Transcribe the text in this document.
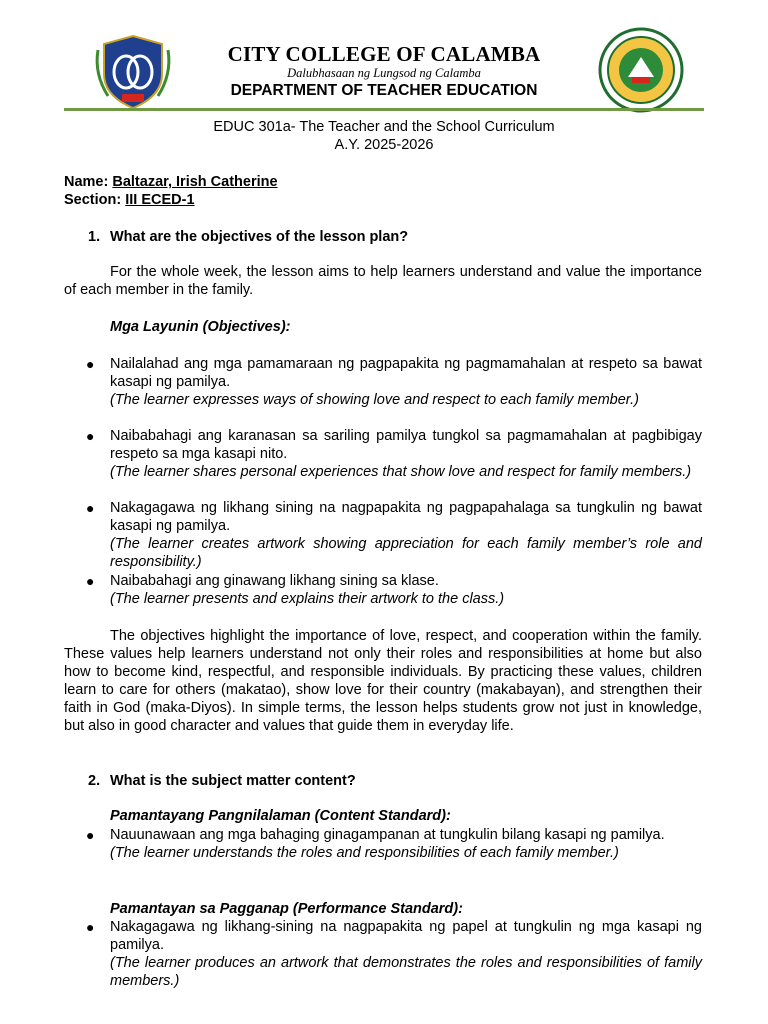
CITY COLLEGE OF CALAMBA
Dalubhasaan ng Lungsod ng Calamba
DEPARTMENT OF TEACHER EDUCATION
EDUC 301a- The Teacher and the School Curriculum
A.Y. 2025-2026
Name: Baltazar, Irish Catherine
Section: III ECED-1
1. What are the objectives of the lesson plan?
For the whole week, the lesson aims to help learners understand and value the importance of each member in the family.
Mga Layunin (Objectives):
● Nailalahad ang mga pamamaraan ng pagpapakita ng pagmamahalan at respeto sa bawat kasapi ng pamilya.
(The learner expresses ways of showing love and respect to each family member.)
● Naibabahagi ang karanasan sa sariling pamilya tungkol sa pagmamahalan at pagbibigay respeto sa mga kasapi nito.
(The learner shares personal experiences that show love and respect for family members.)
● Nakagagawa ng likhang sining na nagpapakita ng pagpapahalaga sa tungkulin ng bawat kasapi ng pamilya.
(The learner creates artwork showing appreciation for each family member’s role and responsibility.)
● Naibabahagi ang ginawang likhang sining sa klase.
(The learner presents and explains their artwork to the class.)
The objectives highlight the importance of love, respect, and cooperation within the family. These values help learners understand not only their roles and responsibilities at home but also how to become kind, respectful, and responsible individuals. By practicing these values, children learn to care for others (makatao), show love for their country (makabayan), and strengthen their faith in God (maka-Diyos). In simple terms, the lesson helps students grow not just in knowledge, but also in good character and values that guide them in everyday life.
2. What is the subject matter content?
Pamantayang Pangnilalaman (Content Standard):
● Nauunawaan ang mga bahaging ginagampanan at tungkulin bilang kasapi ng pamilya.
(The learner understands the roles and responsibilities of each family member.)
Pamantayan sa Pagganap (Performance Standard):
● Nakagagawa ng likhang-sining na nagpapakita ng papel at tungkulin ng mga kasapi ng pamilya.
(The learner produces an artwork that demonstrates the roles and responsibilities of family members.)
